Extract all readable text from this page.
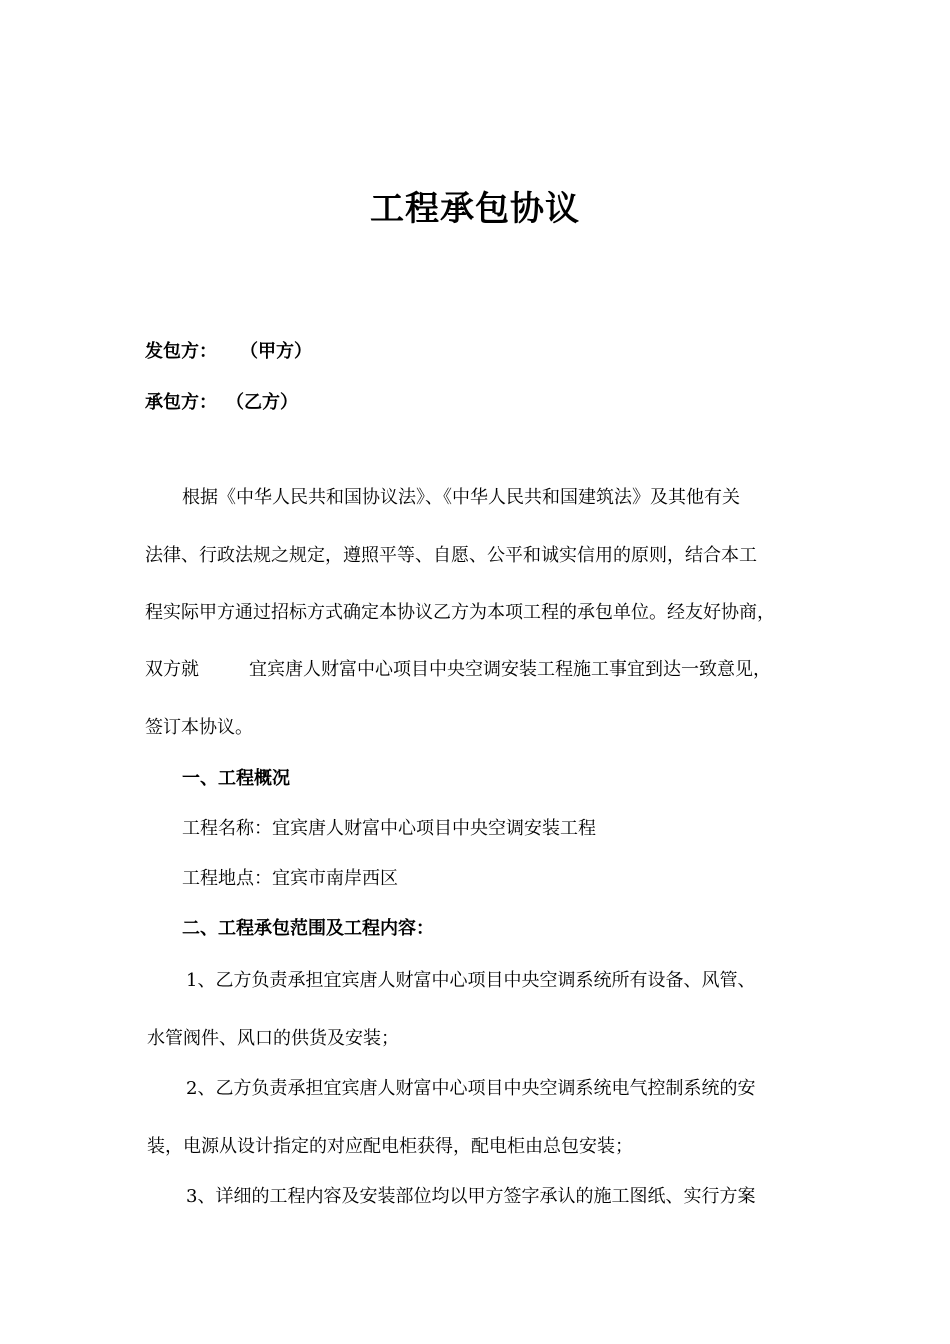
工程承包协议
发包方： （甲方）
承包方： （乙方）
根据《中华人民共和国协议法》、《中华人民共和国建筑法》及其他有关
法律、行政法规之规定，遵照平等、自愿、公平和诚实信用的原则，结合本工
程实际甲方通过招标方式确定本协议乙方为本项工程的承包单位。经友好协商，
双方就	宜宾唐人财富中心项目中央空调安装工程施工事宜到达一致意见，
签订本协议。
一、工程概况
工程名称：宜宾唐人财富中心项目中央空调安装工程
工程地点：宜宾市南岸西区
二、工程承包范围及工程内容：
1、乙方负责承担宜宾唐人财富中心项目中央空调系统所有设备、风管、
水管阀件、风口的供货及安装；
2、乙方负责承担宜宾唐人财富中心项目中央空调系统电气控制系统的安
装，电源从设计指定的对应配电柜获得，配电柜由总包安装；
3、详细的工程内容及安装部位均以甲方签字承认的施工图纸、实行方案
